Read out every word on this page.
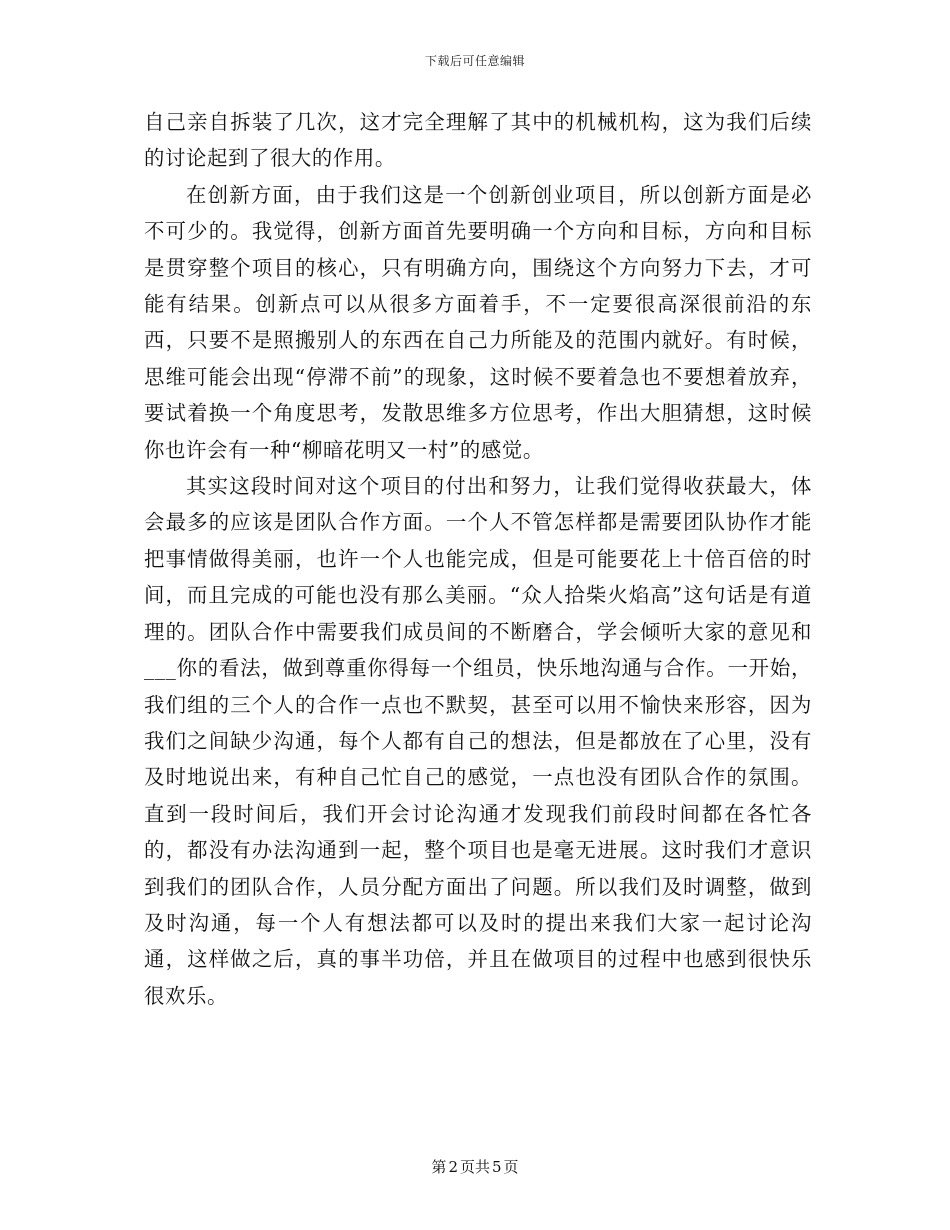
下载后可任意编辑

自己亲自拆装了几次，这才完全理解了其中的机械机构，这为我们后续的讨论起到了很大的作用。

在创新方面，由于我们这是一个创新创业项目，所以创新方面是必不可少的。我觉得，创新方面首先要明确一个方向和目标，方向和目标是贯穿整个项目的核心，只有明确方向，围绕这个方向努力下去，才可能有结果。创新点可以从很多方面着手，不一定要很高深很前沿的东西，只要不是照搬别人的东西在自己力所能及的范围内就好。有时候，思维可能会出现“停滞不前”的现象，这时候不要着急也不要想着放弃，要试着换一个角度思考，发散思维多方位思考，作出大胆猜想，这时候你也许会有一种“柳暗花明又一村”的感觉。

其实这段时间对这个项目的付出和努力，让我们觉得收获最大，体会最多的应该是团队合作方面。一个人不管怎样都是需要团队协作才能把事情做得美丽，也许一个人也能完成，但是可能要花上十倍百倍的时间，而且完成的可能也没有那么美丽。“众人拾柴火焰高”这句话是有道理的。团队合作中需要我们成员间的不断磨合，学会倾听大家的意见和___你的看法，做到尊重你得每一个组员，快乐地沟通与合作。一开始，我们组的三个人的合作一点也不默契，甚至可以用不愉快来形容，因为我们之间缺少沟通，每个人都有自己的想法，但是都放在了心里，没有及时地说出来，有种自己忙自己的感觉，一点也没有团队合作的氛围。直到一段时间后，我们开会讨论沟通才发现我们前段时间都在各忙各的，都没有办法沟通到一起，整个项目也是毫无进展。这时我们才意识到我们的团队合作，人员分配方面出了问题。所以我们及时调整，做到及时沟通，每一个人有想法都可以及时的提出来我们大家一起讨论沟通，这样做之后，真的事半功倍，并且在做项目的过程中也感到很快乐很欢乐。

第 2 页共 5 页
